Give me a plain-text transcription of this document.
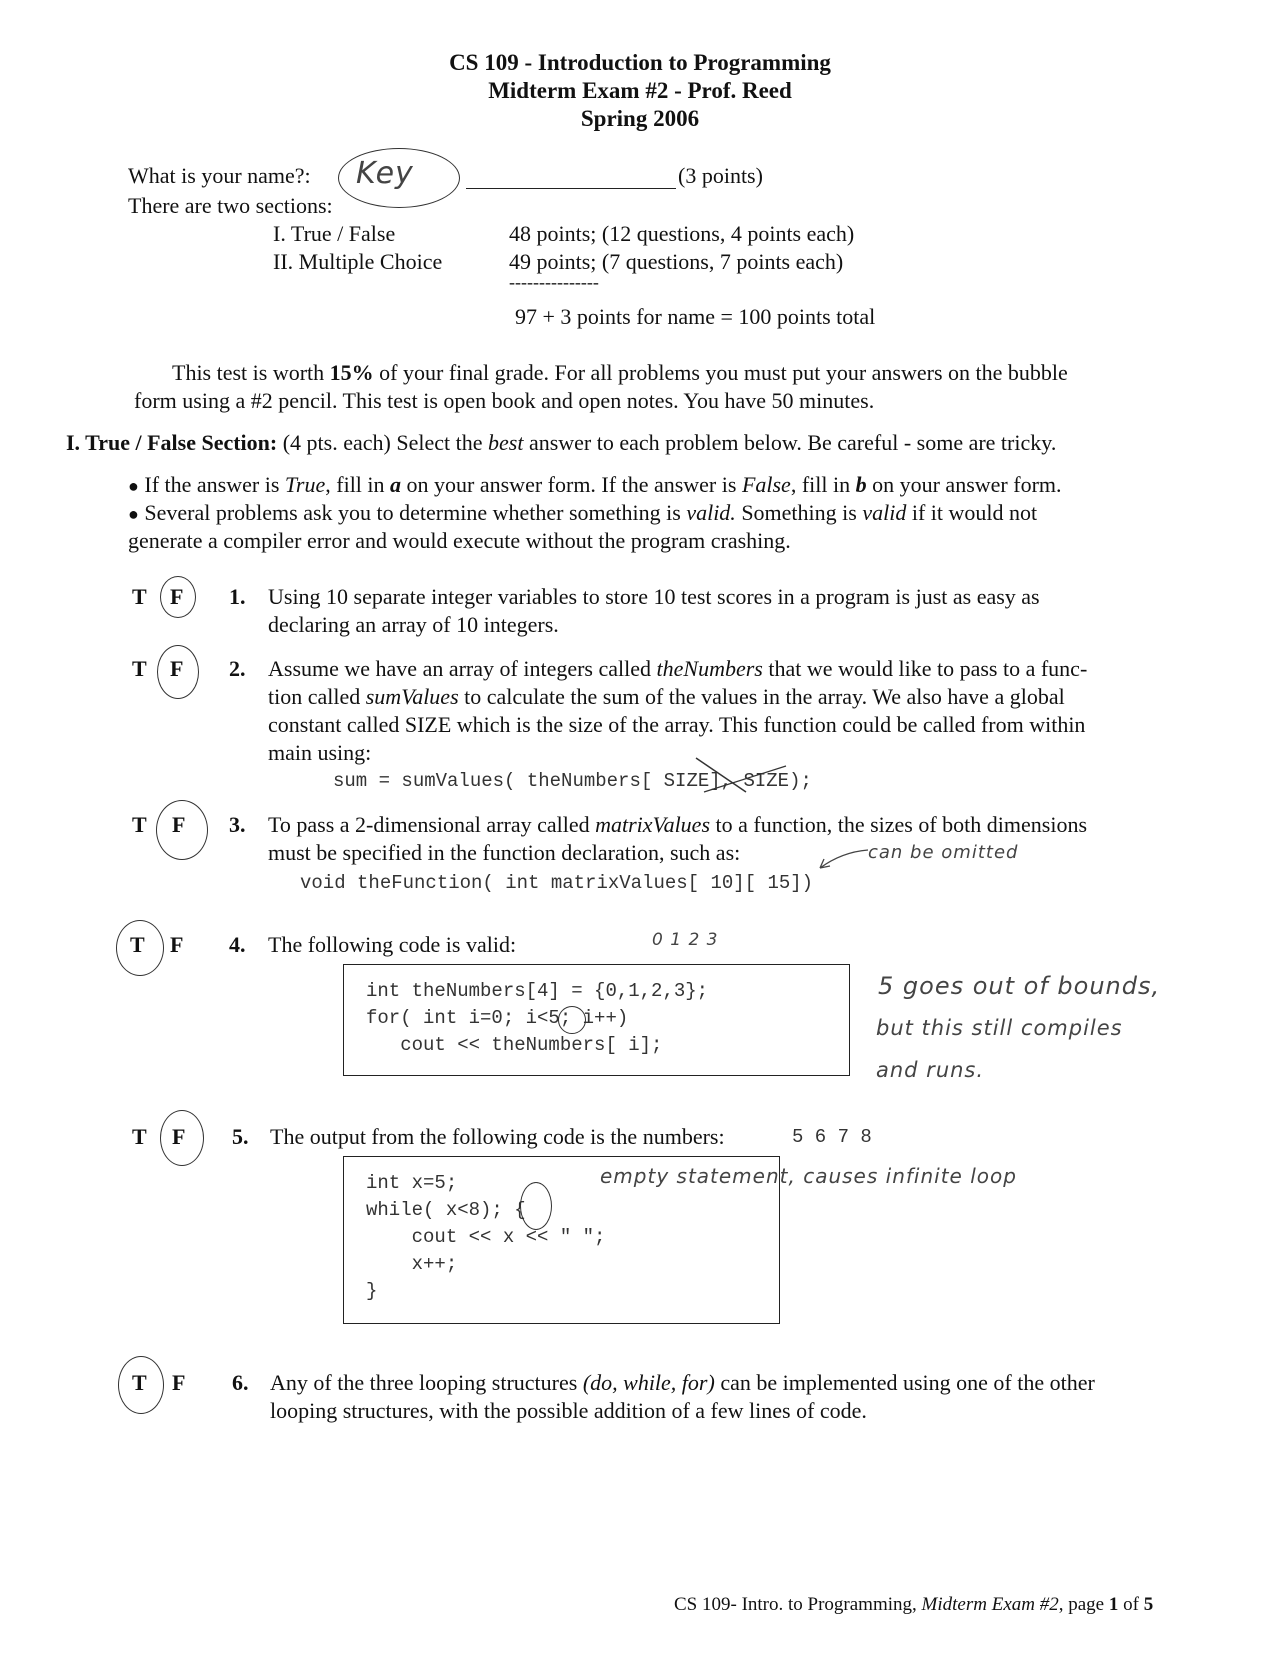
CS 109 - Introduction to Programming
Midterm Exam #2 - Prof. Reed
Spring 2006
What is your name?: Key	(3 points)
There are two sections:
I. True / False	48 points; (12 questions, 4 points each)
II. Multiple Choice	49 points; (7 questions, 7 points each)
---------------
97 + 3 points for name = 100 points total
This test is worth 15% of your final grade. For all problems you must put your answers on the bubble
form using a #2 pencil. This test is open book and open notes. You have 50 minutes.
I. True / False Section: (4 pts. each) Select the best answer to each problem below. Be careful - some are tricky.
● If the answer is True, fill in a on your answer form. If the answer is False, fill in b on your answer form.
● Several problems ask you to determine whether something is valid. Something is valid if it would not
generate a compiler error and would execute without the program crashing.
T F 1. Using 10 separate integer variables to store 10 test scores in a program is just as easy as
declaring an array of 10 integers.
T F 2. Assume we have an array of integers called theNumbers that we would like to pass to a func-
tion called sumValues to calculate the sum of the values in the array. We also have a global
constant called SIZE which is the size of the array. This function could be called from within
main using:
sum = sumValues( theNumbers[ SIZE], SIZE);
T F 3. To pass a 2-dimensional array called matrixValues to a function, the sizes of both dimensions
must be specified in the function declaration, such as:	can be omitted
void theFunction( int matrixValues[ 10][ 15])
T F 4. The following code is valid:	0 1 2 3
int theNumbers[4] = {0,1,2,3};
for( int i=0; i<5; i++)
cout << theNumbers[ i];
5 goes out of bounds,
but this still compiles
and runs.
T F 5. The output from the following code is the numbers:	5 6 7 8
int x=5;
while( x<8); {
cout << x << " ";
x++;
}
empty statement, causes infinite loop
T F 6. Any of the three looping structures (do, while, for) can be implemented using one of the other
looping structures, with the possible addition of a few lines of code.
CS 109- Intro. to Programming, Midterm Exam #2, page 1 of 5
